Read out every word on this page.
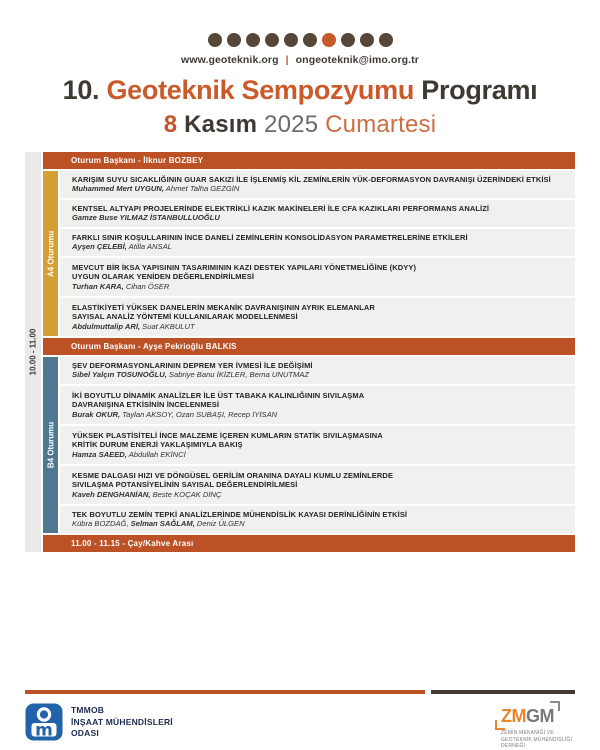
www.geoteknik.org | ongeoteknik@imo.org.tr
10. Geoteknik Sempozyumu Programı
8 Kasım 2025 Cumartesi
10.00 - 11.00
Oturum Başkanı - İlknur BOZBEY
A4 Oturumu
KARIŞIM SUYU SICAKLIĞININ GUAR SAKIZI İLE İŞLENMİŞ KİL ZEMİNLERİN YÜK-DEFORMASYON DAVRANIŞI ÜZERİNDEKİ ETKİSİ
Muhammed Mert UYGUN, Ahmet Talha GEZGİN
KENTSEL ALTYAPI PROJELERİNDE ELEKTRİKLİ KAZIK MAKİNELERİ İLE CFA KAZIKLARI PERFORMANS ANALİZİ
Gamze Buse YILMAZ İSTANBULLUOĞLU
FARKLI SINIR KOŞULLARININ İNCE DANELİ ZEMİNLERİN KONSOLİDASYON PARAMETRELERİNE ETKİLERİ
Ayşen ÇELEBİ, Atilla ANSAL
MEVCUT BİR İKSA YAPISININ TASARIMININ KAZI DESTEK YAPILARI YÖNETMELİĞİNE (KDYY)
UYGUN OLARAK YENİDEN DEĞERLENDİRİLMESİ
Turhan KARA, Cihan ÖSER
ELASTİKİYETİ YÜKSEK DANELERİN MEKANİK DAVRANIŞININ AYRIK ELEMANLAR
SAYISAL ANALİZ YÖNTEMİ KULLANILARAK MODELLENMESİ
Abdulmuttalip ARİ, Suat AKBULUT
Oturum Başkanı - Ayşe Pekrioğlu BALKIS
B4 Oturumu
ŞEV DEFORMASYONLARININ DEPREM YER İVMESİ İLE DEĞİŞİMİ
Sibel Yalçın TOSUNOĞLU, Sabriye Banu İKİZLER, Berna UNUTMAZ
İKİ BOYUTLU DİNAMİK ANALİZLER İLE ÜST TABAKA KALINLIĞININ SIVILAŞMA
DAVRANIŞINA ETKİSİNİN İNCELENMESİ
Burak OKUR, Taylan AKSOY, Ozan SUBAŞI, Recep İYİSAN
YÜKSEK PLASTİSİTELİ İNCE MALZEME İÇEREN KUMLARIN STATİK SIVILAŞMASINA
KRİTİK DURUM ENERJİ YAKLAŞIMIYLA BAKIŞ
Hamza SAEED, Abdullah EKİNCİ
KESME DALGASI HIZI VE DÖNGÜSEL GERİLİM ORANINA DAYALI KUMLU ZEMİNLERDE
SIVILAŞMA POTANSİYELİNİN SAYISAL DEĞERLENDİRİLMESİ
Kaveh DENGHANİAN, Beste KOÇAK DİNÇ
TEK BOYUTLU ZEMİN TEPKİ ANALİZLERİNDE MÜHENDİSLİK KAYASI DERİNLİĞİNİN ETKİSİ
Kübra BOZDAĞ, Selman SAĞLAM, Deniz ÜLGEN
11.00 - 11.15 - Çay/Kahve Arası
m
TMMOB
İNŞAAT MÜHENDİSLERİ
ODASI
ZMGM
ZEMİN MEKANİĞİ VE
GEOTEKNİK MÜHENDİSLİĞİ
DERNEĞİ
